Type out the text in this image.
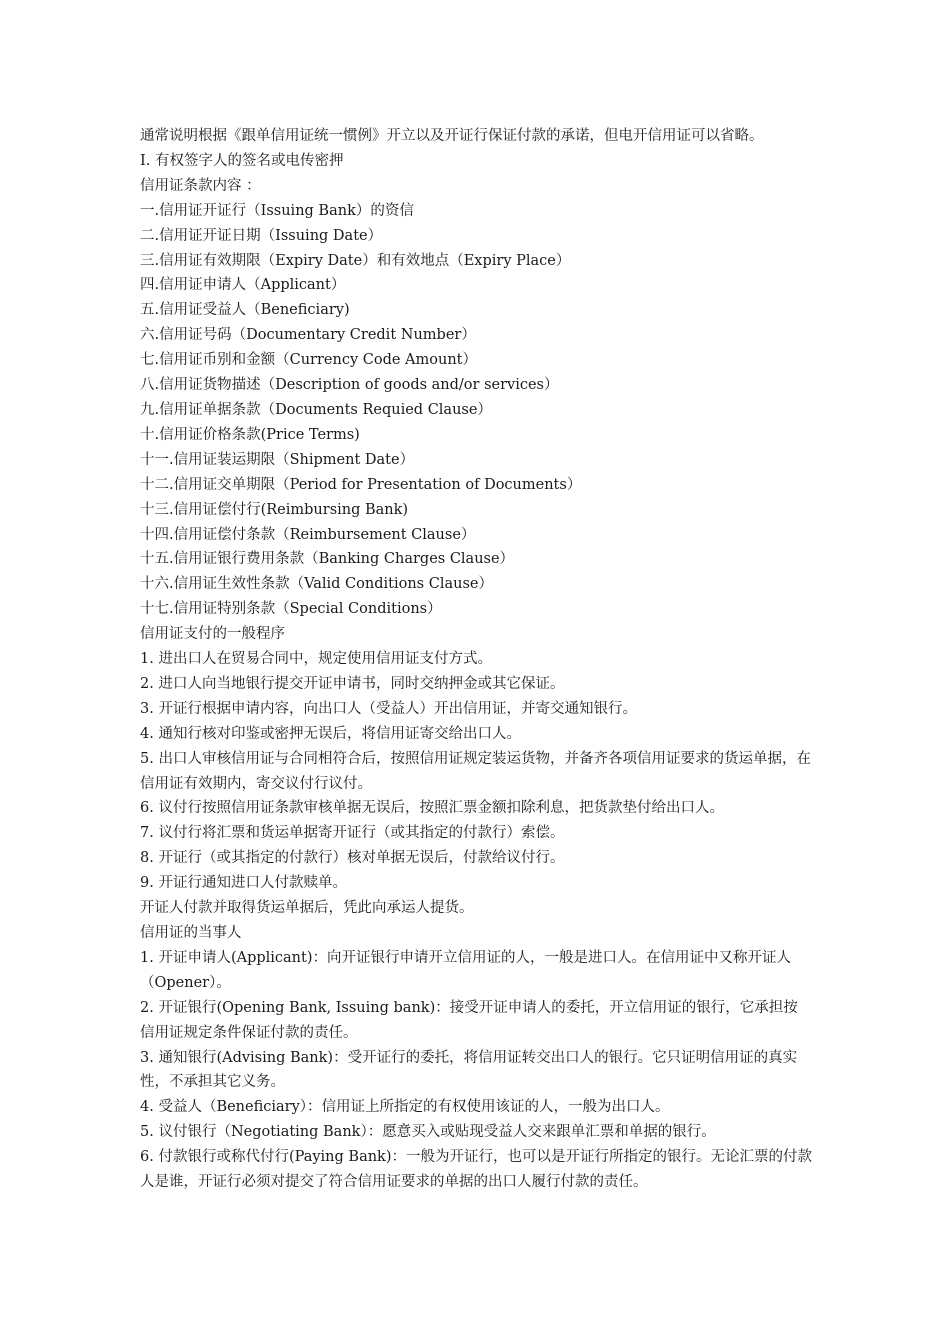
通常说明根据《跟单信用证统一惯例》开立以及开证行保证付款的承诺，但电开信用证可以省略。
I. 有权签字人的签名或电传密押
信用证条款内容 ：
一.信用证开证行（Issuing Bank）的资信
二.信用证开证日期（Issuing Date）
三.信用证有效期限（Expiry Date）和有效地点（Expiry Place）
四.信用证申请人（Applicant）
五.信用证受益人（Beneficiary)
六.信用证号码（Documentary Credit Number）
七.信用证币别和金额（Currency Code Amount）
八.信用证货物描述（Description of goods and/or services）
九.信用证单据条款（Documents Requied Clause）
十.信用证价格条款(Price Terms)
十一.信用证装运期限（Shipment Date）
十二.信用证交单期限（Period for Presentation of Documents）
十三.信用证偿付行(Reimbursing Bank)
十四.信用证偿付条款（Reimbursement Clause）
十五.信用证银行费用条款（Banking Charges Clause）
十六.信用证生效性条款（Valid Conditions Clause）
十七.信用证特别条款（Special Conditions）
信用证支付的一般程序
1. 进出口人在贸易合同中，规定使用信用证支付方式。
2. 进口人向当地银行提交开证申请书，同时交纳押金或其它保证。
3. 开证行根据申请内容，向出口人（受益人）开出信用证，并寄交通知银行。
4. 通知行核对印鉴或密押无误后，将信用证寄交给出口人。
5. 出口人审核信用证与合同相符合后，按照信用证规定装运货物，并备齐各项信用证要求的货运单据，在信用证有效期内，寄交议付行议付。
6. 议付行按照信用证条款审核单据无误后，按照汇票金额扣除利息，把货款垫付给出口人。
7. 议付行将汇票和货运单据寄开证行（或其指定的付款行）索偿。
8. 开证行（或其指定的付款行）核对单据无误后，付款给议付行。
9. 开证行通知进口人付款赎单。
开证人付款并取得货运单据后，凭此向承运人提货。
信用证的当事人
1. 开证申请人(Applicant)：向开证银行申请开立信用证的人，一般是进口人。在信用证中又称开证人（Opener）。
2. 开证银行(Opening Bank, Issuing bank)：接受开证申请人的委托，开立信用证的银行，它承担按信用证规定条件保证付款的责任。
3. 通知银行(Advising Bank)：受开证行的委托，将信用证转交出口人的银行。它只证明信用证的真实性，不承担其它义务。
4. 受益人（Beneficiary）：信用证上所指定的有权使用该证的人，一般为出口人。
5. 议付银行（Negotiating Bank）：愿意买入或贴现受益人交来跟单汇票和单据的银行。
6. 付款银行或称代付行(Paying Bank)：一般为开证行，也可以是开证行所指定的银行。无论汇票的付款人是谁，开证行必须对提交了符合信用证要求的单据的出口人履行付款的责任。
